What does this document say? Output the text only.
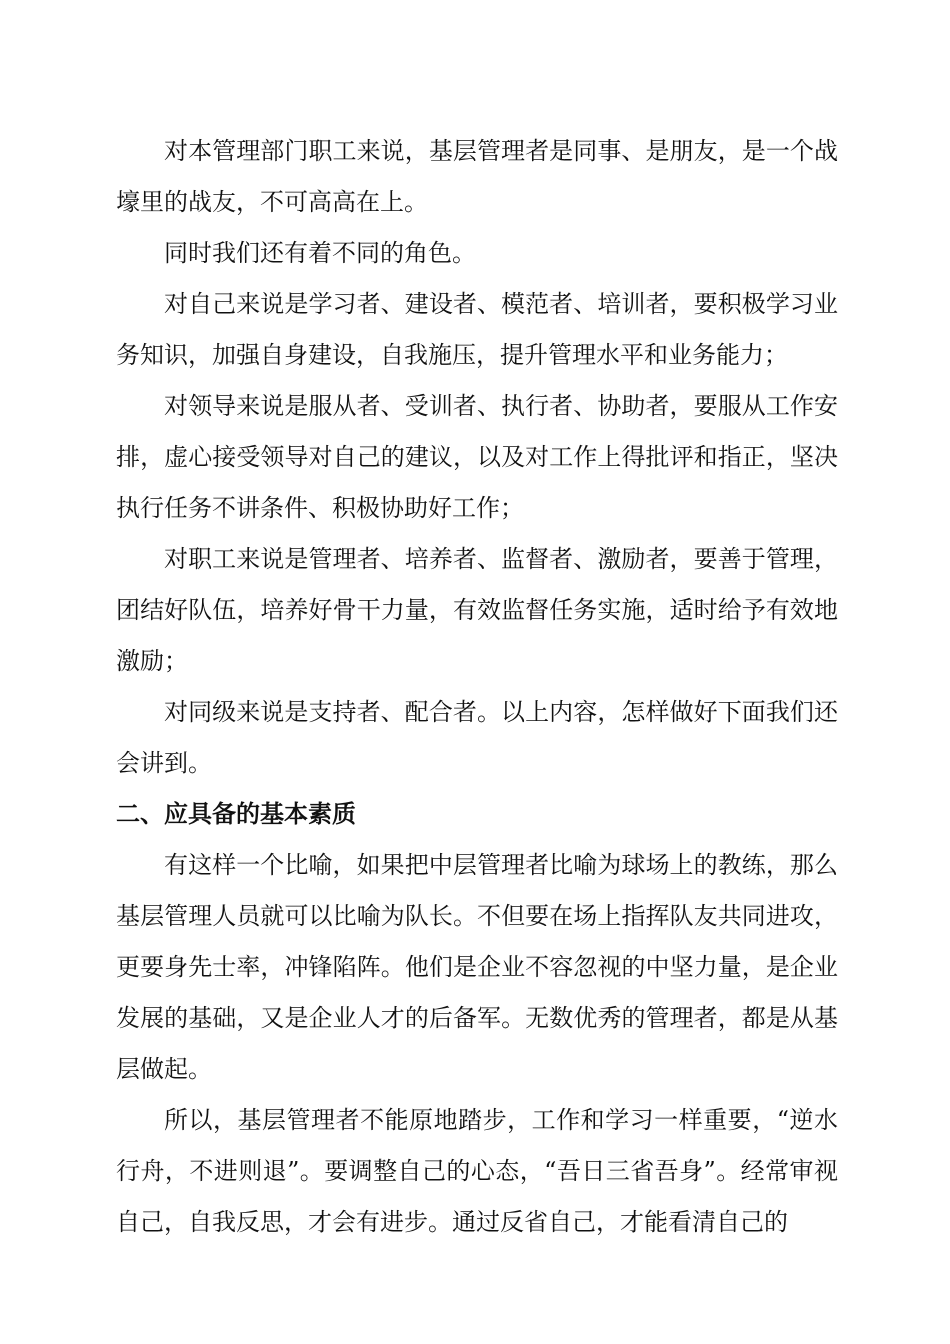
对本管理部门职工来说，基层管理者是同事、是朋友，是一个战壕里的战友，不可高高在上。

同时我们还有着不同的角色。

对自己来说是学习者、建设者、模范者、培训者，要积极学习业务知识，加强自身建设，自我施压，提升管理水平和业务能力；

对领导来说是服从者、受训者、执行者、协助者，要服从工作安排，虚心接受领导对自己的建议，以及对工作上得批评和指正，坚决执行任务不讲条件、积极协助好工作；

对职工来说是管理者、培养者、监督者、激励者，要善于管理，团结好队伍，培养好骨干力量，有效监督任务实施，适时给予有效地激励；

对同级来说是支持者、配合者。以上内容，怎样做好下面我们还会讲到。

二、应具备的基本素质

有这样一个比喻，如果把中层管理者比喻为球场上的教练，那么基层管理人员就可以比喻为队长。不但要在场上指挥队友共同进攻，更要身先士率，冲锋陷阵。他们是企业不容忽视的中坚力量，是企业发展的基础，又是企业人才的后备军。无数优秀的管理者，都是从基层做起。

所以，基层管理者不能原地踏步，工作和学习一样重要，“逆水行舟，不进则退”。要调整自己的心态，“吾日三省吾身”。经常审视自己，自我反思，才会有进步。通过反省自己，才能看清自己的
